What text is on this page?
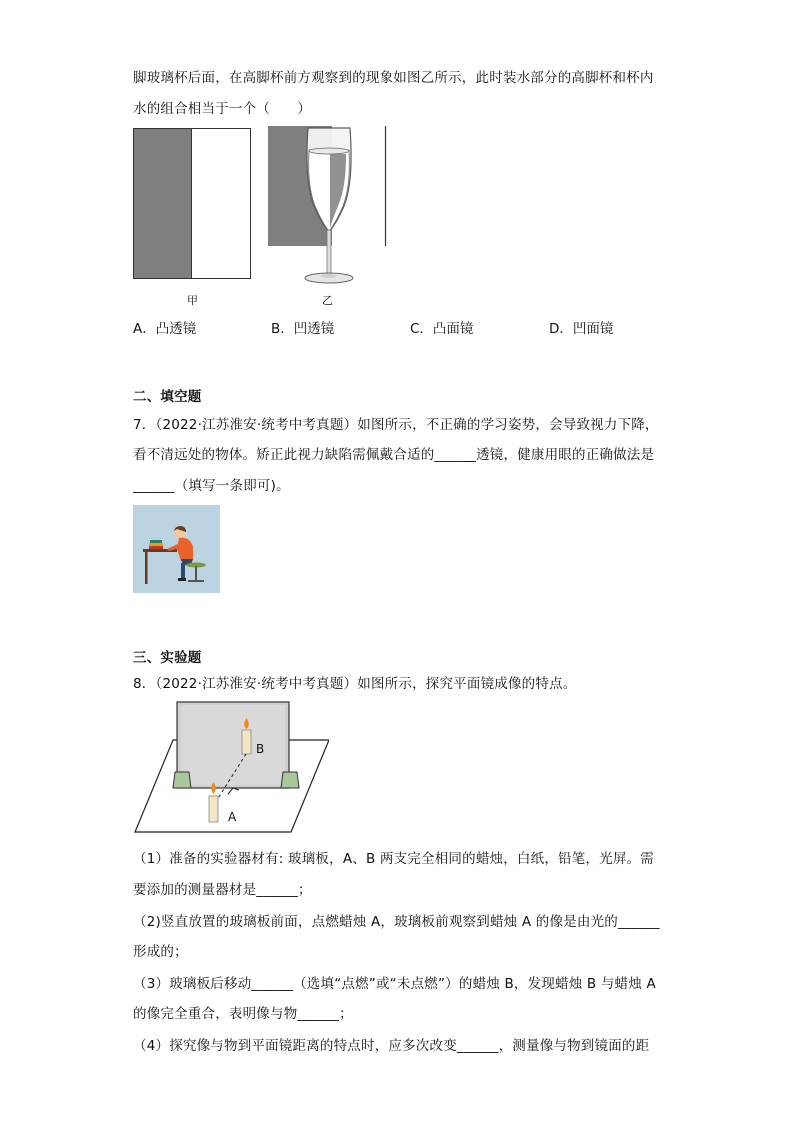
脚玻璃杯后面，在高脚杯前方观察到的现象如图乙所示，此时装水部分的高脚杯和杯内
水的组合相当于一个（　　）
甲	乙
A．凸透镜	B．凹透镜	C．凸面镜	D．凹面镜
二、填空题
7．（2022·江苏淮安·统考中考真题）如图所示，不正确的学习姿势，会导致视力下降，
看不清远处的物体。矫正此视力缺陷需佩戴合适的______透镜，健康用眼的正确做法是
______（填写一条即可)。
三、实验题
8．（2022·江苏淮安·统考中考真题）如图所示，探究平面镜成像的特点。
B
A
（1）准备的实验器材有: 玻璃板，A、B 两支完全相同的蜡烛，白纸，铅笔，光屏。需
要添加的测量器材是______；
（2)竖直放置的玻璃板前面，点燃蜡烛 A，玻璃板前观察到蜡烛 A 的像是由光的______
形成的；
（3）玻璃板后移动______（选填“点燃”或“未点燃”）的蜡烛 B，发现蜡烛 B 与蜡烛 A
的像完全重合，表明像与物______；
（4）探究像与物到平面镜距离的特点时，应多次改变______，测量像与物到镜面的距
